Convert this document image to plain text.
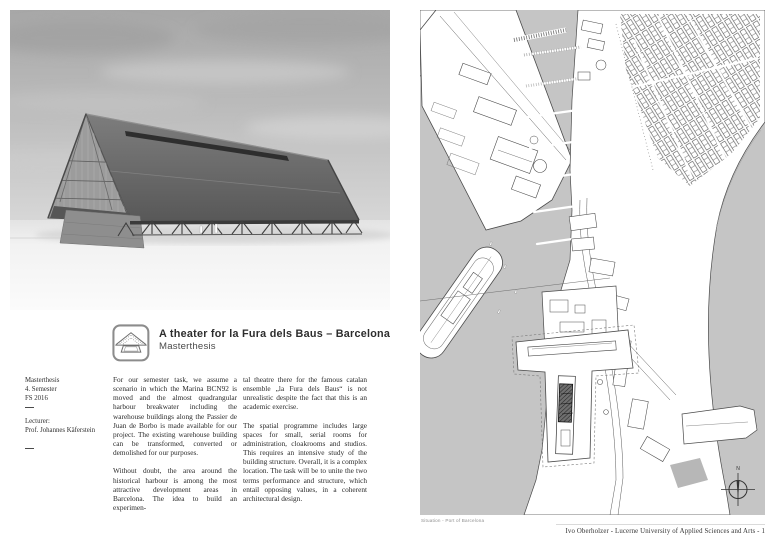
A theater for la Fura dels Baus – Barcelona
Masterthesis
Masterthesis
4. Semester
FS 2016
Lecturer:
Prof. Johannes Käferstein

For our semester task, we assume a scenario in which the Marina BCN92 is moved and the almost quadrangular harbour breakwater including the warehouse buildings along the Passier de Juan de Borbo is made available for our project. The existing warehouse building can be transformed, converted or demolished for our purposes.

Without doubt, the area around the historical harbour is among the most attractive development areas in Barcelona. The idea to build an experimen-

tal theatre there for the famous catalan ensemble „la Fura dels Baus“ is not unrealistic despite the fact that this is an academic exercise.

The spatial programme includes large spaces for small, serial rooms for administration, cloakrooms and studios. This requires an intensive study of the building structure. Overall, it is a complex location. The task will be to unite the two terms performance and structure, which entail opposing values, in a coherent architectural design.

N
Situation - Port of Barcelona
Ivo Oberholzer - Lucerne University of Applied Sciences and Arts - 1
